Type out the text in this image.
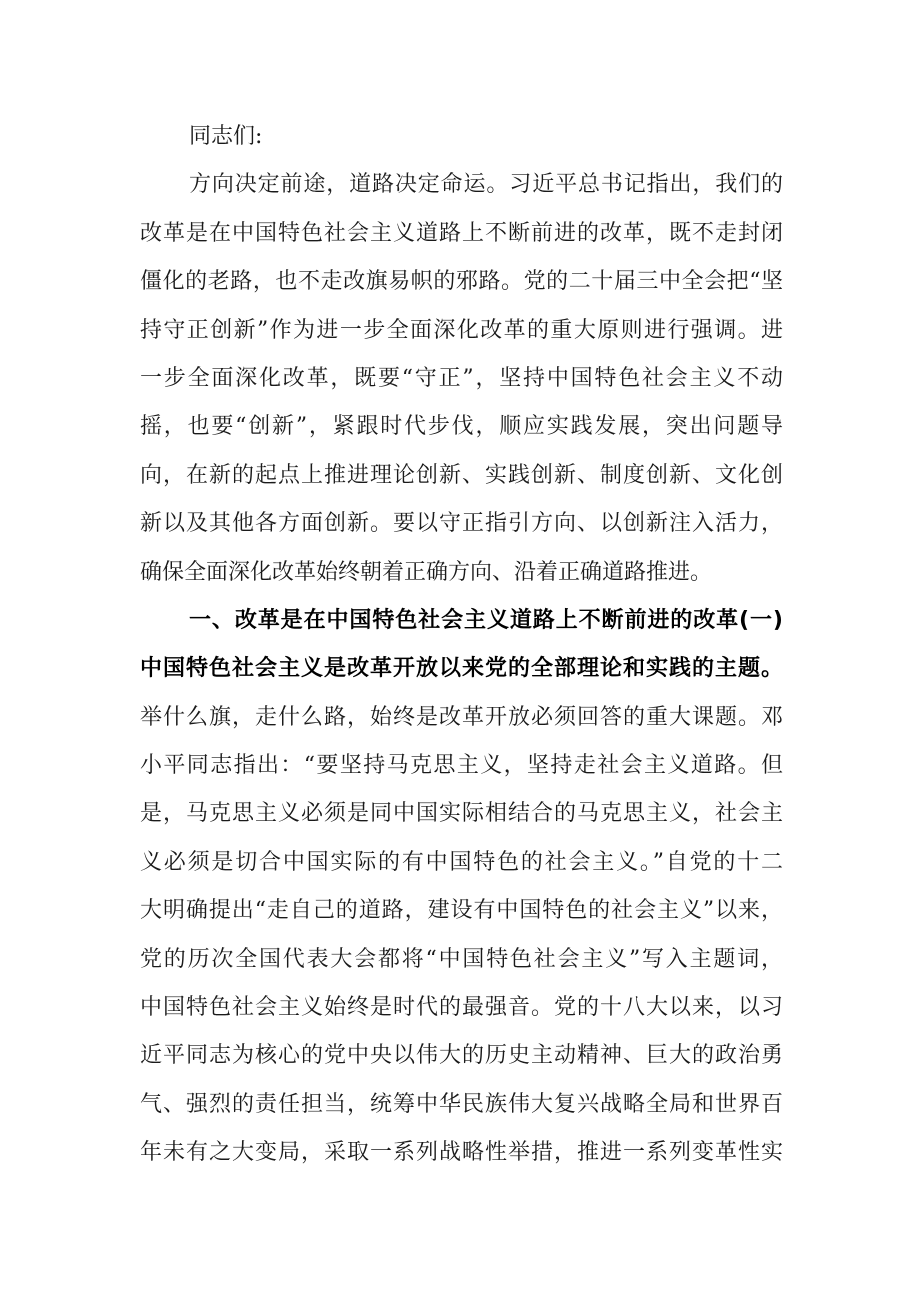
同志们:
方向决定前途，道路决定命运。习近平总书记指出，我们的
改革是在中国特色社会主义道路上不断前进的改革，既不走封闭
僵化的老路，也不走改旗易帜的邪路。党的二十届三中全会把“坚
持守正创新”作为进一步全面深化改革的重大原则进行强调。进
一步全面深化改革，既要“守正”，坚持中国特色社会主义不动
摇，也要“创新”，紧跟时代步伐，顺应实践发展，突出问题导
向，在新的起点上推进理论创新、实践创新、制度创新、文化创
新以及其他各方面创新。要以守正指引方向、以创新注入活力，
确保全面深化改革始终朝着正确方向、沿着正确道路推进。
一、改革是在中国特色社会主义道路上不断前进的改革(一)
中国特色社会主义是改革开放以来党的全部理论和实践的主题。
举什么旗，走什么路，始终是改革开放必须回答的重大课题。邓
小平同志指出：“要坚持马克思主义，坚持走社会主义道路。但
是，马克思主义必须是同中国实际相结合的马克思主义，社会主
义必须是切合中国实际的有中国特色的社会主义。”自党的十二
大明确提出“走自己的道路，建设有中国特色的社会主义”以来，
党的历次全国代表大会都将“中国特色社会主义”写入主题词，
中国特色社会主义始终是时代的最强音。党的十八大以来，以习
近平同志为核心的党中央以伟大的历史主动精神、巨大的政治勇
气、强烈的责任担当，统筹中华民族伟大复兴战略全局和世界百
年未有之大变局，采取一系列战略性举措，推进一系列变革性实
